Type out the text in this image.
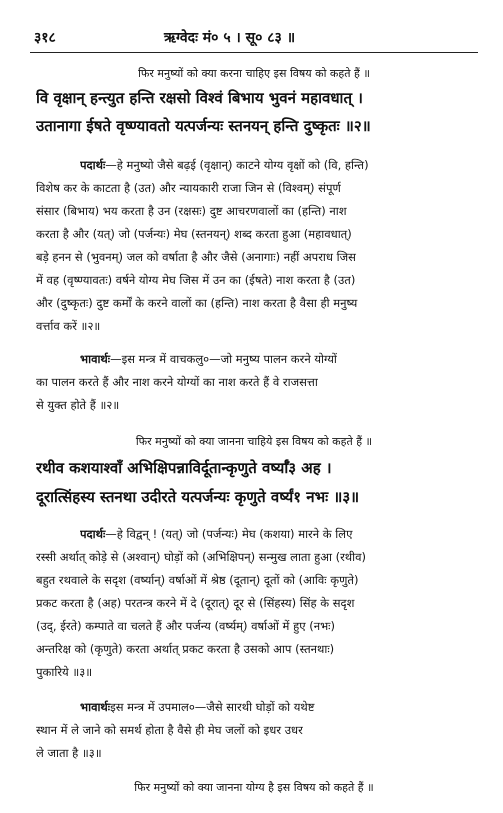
३१८	ऋग्वेदः मं० ५ । सू० ८३ ॥
फिर मनुष्यों को क्या करना चाहिए इस विषय को कहते हैं ॥
वि वृक्षान् हन्त्युत हन्ति रक्षसो विश्वं बिभाय भुवनं महावधात् ।
उतानागा ईषते वृष्ण्यावतो यत्पर्जन्यः स्तनयन् हन्ति दुष्कृतः ॥२॥
पदार्थः—हे मनुष्यो जैसे बढ़ई (वृक्षान्) काटने योग्य वृक्षों को (वि, हन्ति)
विशेष कर के काटता है (उत) और न्यायकारी राजा जिन से (विश्वम्) संपूर्ण
संसार (बिभाय) भय करता है उन (रक्षसः) दुष्ट आचरणवालों का (हन्ति) नाश
करता है और (यत्) जो (पर्जन्यः) मेघ (स्तनयन्) शब्द करता हुआ (महावधात्)
बड़े हनन से (भुवनम्) जल को वर्षाता है और जैसे (अनागाः) नहीं अपराध जिस
में वह (वृष्ण्यावतः) वर्षने योग्य मेघ जिस में उन का (ईषते) नाश करता है (उत)
और (दुष्कृतः) दुष्ट कर्मों के करने वालों का (हन्ति) नाश करता है वैसा ही मनुष्य
वर्त्ताव करें ॥२॥
भावार्थः—इस मन्त्र में वाचकलु०—जो मनुष्य पालन करने योग्यों
का पालन करते हैं और नाश करने योग्यों का नाश करते हैं वे राजसत्ता
से युक्त होते हैं ॥२॥
फिर मनुष्यों को क्या जानना चाहिये इस विषय को कहते हैं ॥
रथीव कशयाश्वाँ अभिक्षिपन्नाविर्दूतान्कृणुते वर्ष्याँ३ अह ।
दूरात्सिंहस्य स्तनथा उदीरते यत्पर्जन्यः कृणुते वर्ष्यं१ नभः ॥३॥
पदार्थः—हे विद्वन् ! (यत्) जो (पर्जन्यः) मेघ (कशया) मारने के लिए
रस्सी अर्थात् कोड़े से (अश्वान्) घोड़ों को (अभिक्षिपन्) सन्मुख लाता हुआ (रथीव)
बहुत रथवाले के सदृश (वर्ष्यान्) वर्षाओं में श्रेष्ठ (दूतान्) दूतों को (आविः कृणुते)
प्रकट करता है (अह) परतन्त्र करने में दे (दूरात्) दूर से (सिंहस्य) सिंह के सदृश
(उद्, ईरते) कम्पाते वा चलते हैं और पर्जन्य (वर्ष्यम्) वर्षाओं में हुए (नभः)
अन्तरिक्ष को (कृणुते) करता अर्थात् प्रकट करता है उसको आप (स्तनथाः)
पुकारिये ॥३॥
भावार्थःइस मन्त्र में उपमाल०—जैसे सारथी घोड़ों को यथेष्ट
स्थान में ले जाने को समर्थ होता है वैसे ही मेघ जलों को इधर उधर
ले जाता है ॥३॥
फिर मनुष्यों को क्या जानना योग्य है इस विषय को कहते हैं ॥
